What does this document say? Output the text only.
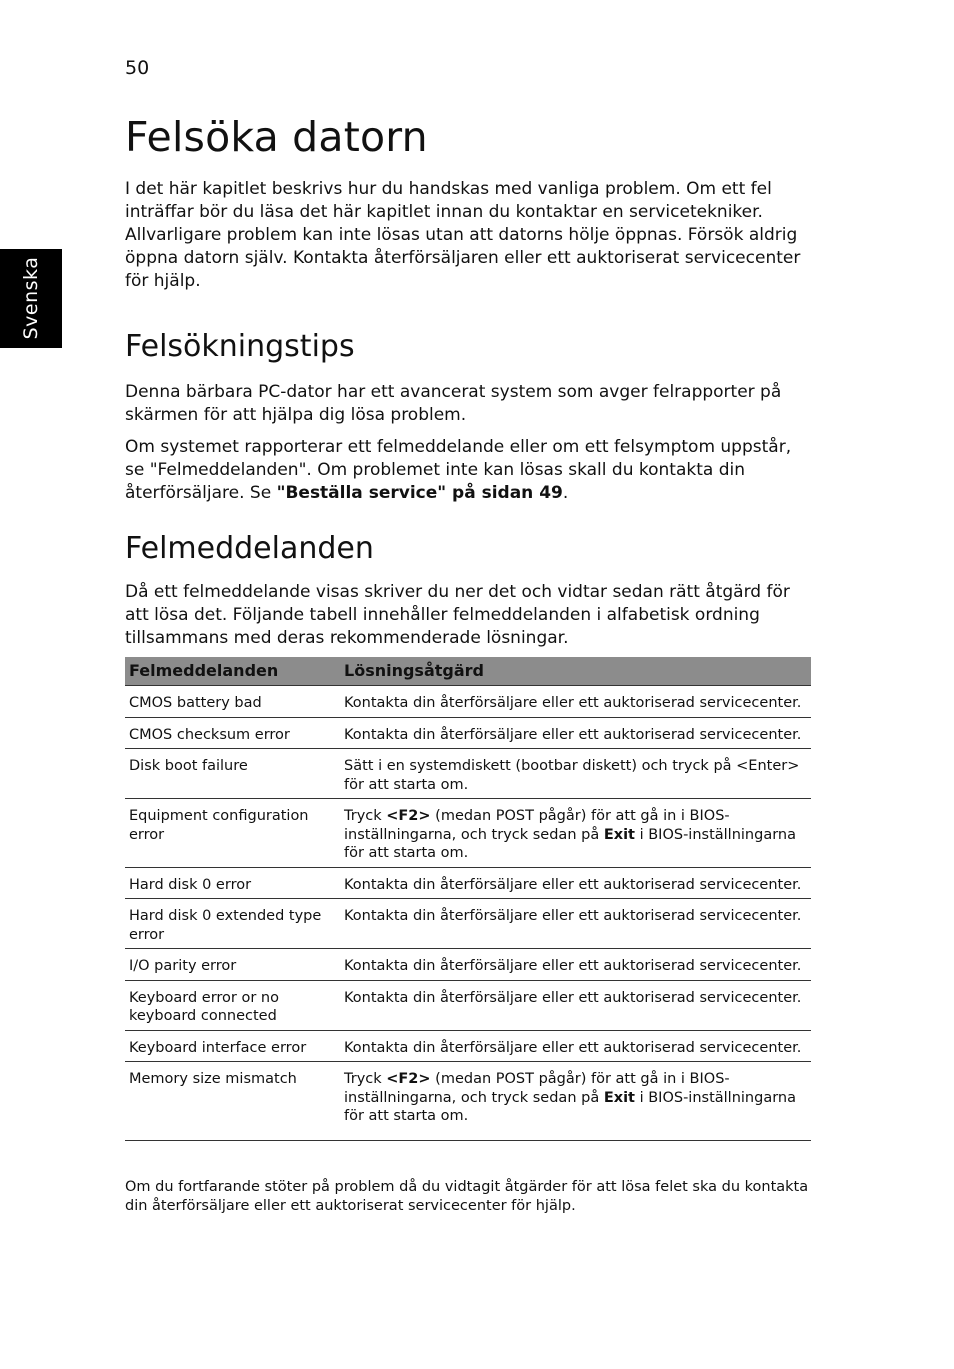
50
Svenska
Felsöka datorn

I det här kapitlet beskrivs hur du handskas med vanliga problem. Om ett fel inträffar bör du läsa det här kapitlet innan du kontaktar en servicetekniker. Allvarligare problem kan inte lösas utan att datorns hölje öppnas. Försök aldrig öppna datorn själv. Kontakta återförsäljaren eller ett auktoriserat servicecenter för hjälp.

Felsökningstips

Denna bärbara PC-dator har ett avancerat system som avger felrapporter på skärmen för att hjälpa dig lösa problem.

Om systemet rapporterar ett felmeddelande eller om ett felsymptom uppstår, se "Felmeddelanden". Om problemet inte kan lösas skall du kontakta din återförsäljare. Se "Beställa service" på sidan 49.

Felmeddelanden

Då ett felmeddelande visas skriver du ner det och vidtar sedan rätt åtgärd för att lösa det. Följande tabell innehåller felmeddelanden i alfabetisk ordning tillsammans med deras rekommenderade lösningar.

Felmeddelanden	Lösningsåtgärd
CMOS battery bad	Kontakta din återförsäljare eller ett auktoriserad servicecenter.
CMOS checksum error	Kontakta din återförsäljare eller ett auktoriserad servicecenter.
Disk boot failure	Sätt i en systemdiskett (bootbar diskett) och tryck på <Enter> för att starta om.
Equipment configuration error	Tryck <F2> (medan POST pågår) för att gå in i BIOS-inställningarna, och tryck sedan på Exit i BIOS-inställningarna för att starta om.
Hard disk 0 error	Kontakta din återförsäljare eller ett auktoriserad servicecenter.
Hard disk 0 extended type error	Kontakta din återförsäljare eller ett auktoriserad servicecenter.
I/O parity error	Kontakta din återförsäljare eller ett auktoriserad servicecenter.
Keyboard error or no keyboard connected	Kontakta din återförsäljare eller ett auktoriserad servicecenter.
Keyboard interface error	Kontakta din återförsäljare eller ett auktoriserad servicecenter.
Memory size mismatch	Tryck <F2> (medan POST pågår) för att gå in i BIOS-inställningarna, och tryck sedan på Exit i BIOS-inställningarna för att starta om.
Om du fortfarande stöter på problem då du vidtagit åtgärder för att lösa felet ska du kontakta din återförsäljare eller ett auktoriserat servicecenter för hjälp.
